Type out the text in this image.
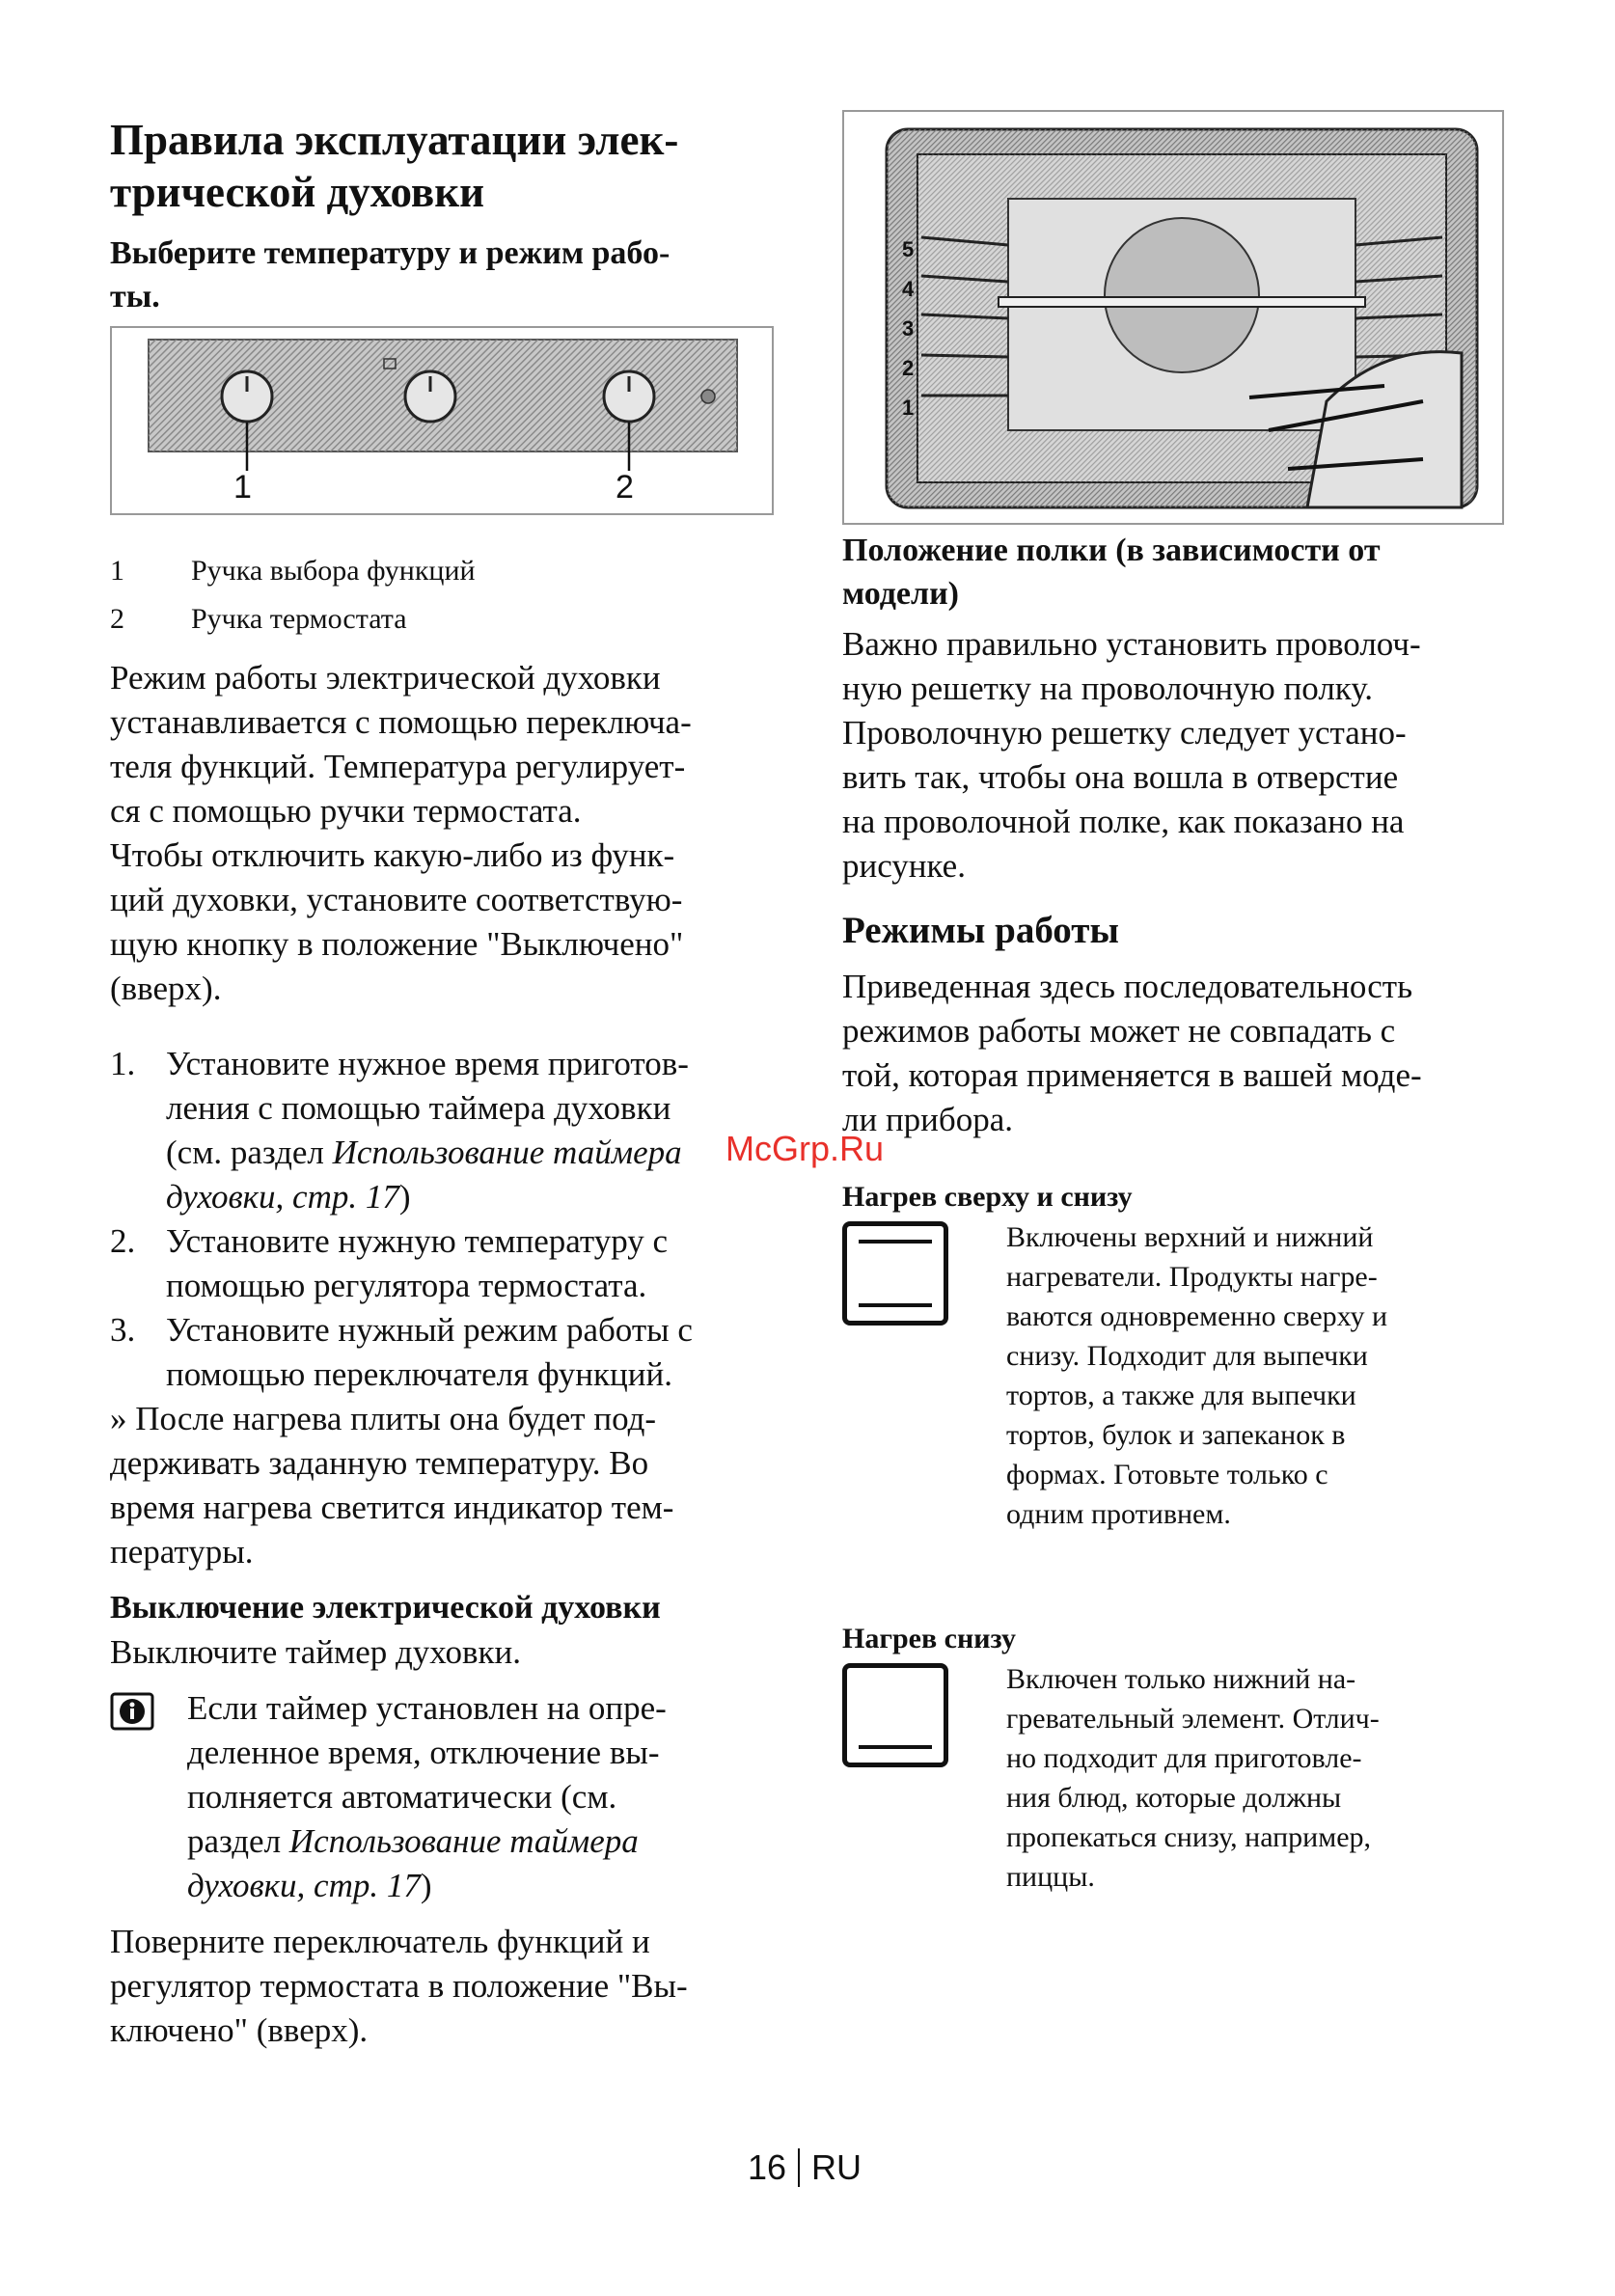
Правила эксплуатации элек-

трической духовки

Выберите температуру и режим рабо-

ты.

1	2
1	Ручка выбора функций
2	Ручка термостата

Режим работы электрической духовки

устанавливается с помощью переключа-

теля функций. Температура регулирует-

ся с помощью ручки термостата.

Чтобы отключить какую-либо из функ-

ций духовки, установите соответствую-

щую кнопку в положение "Выключено"

(вверх).

1. Установите нужное время приготов-
ления с помощью таймера духовки
(см. раздел Использование таймера
духовки, стр. 17)
2. Установите нужную температуру с
помощью регулятора термостата.
3. Установите нужный режим работы с
помощью переключателя функций.

» После нагрева плиты она будет под-

держивать заданную температуру. Во

время нагрева светится индикатор тем-

пературы.

Выключение электрической духовки

Выключите таймер духовки.

Если таймер установлен на опре-

деленное время, отключение вы-

полняется автоматически (см.

раздел Использование таймера

духовки, стр. 17)

Поверните переключатель функций и

регулятор термостата в положение "Вы-

ключено" (вверх).

5
4
3
2
1

Положение полки (в зависимости от

модели)

Важно правильно установить проволоч-

ную решетку на проволочную полку.

Проволочную решетку следует устано-

вить так, чтобы она вошла в отверстие

на проволочной полке, как показано на

рисунке.

Режимы работы

Приведенная здесь последовательность

режимов работы может не совпадать с

той, которая применяется в вашей моде-

ли прибора.

McGrp.Ru

Нагрев сверху и снизу

Включены верхний и нижний

нагреватели. Продукты нагре-

ваются одновременно сверху и

снизу. Подходит для выпечки

тортов, а также для выпечки

тортов, булок и запеканок в

формах. Готовьте только с

одним противнем.

Нагрев снизу

Включен только нижний на-

гревательный элемент. Отлич-

но подходит для приготовле-

ния блюд, которые должны

пропекаться снизу, например,

пиццы.

16 RU
